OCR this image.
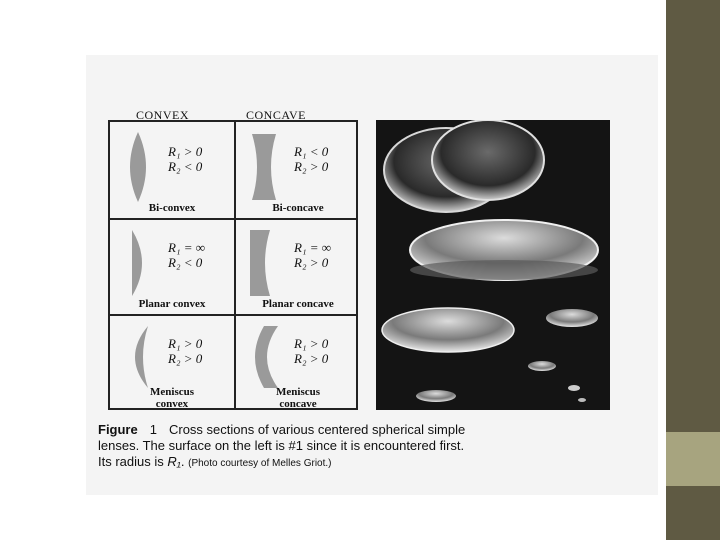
CONVEX	CONCAVE
R₁ > 0
R₂ < 0
Bi-convex
R₁ < 0
R₂ > 0
Bi-concave
R₁ = ∞
R₂ < 0
Planar convex
R₁ = ∞
R₂ > 0
Planar concave
R₁ > 0
R₂ > 0
Meniscus
convex
R₁ > 0
R₂ > 0
Meniscus
concave
Figure 1 Cross sections of various centered spherical simple
lenses. The surface on the left is #1 since it is encountered first.
Its radius is R₁. (Photo courtesy of Melles Griot.)
